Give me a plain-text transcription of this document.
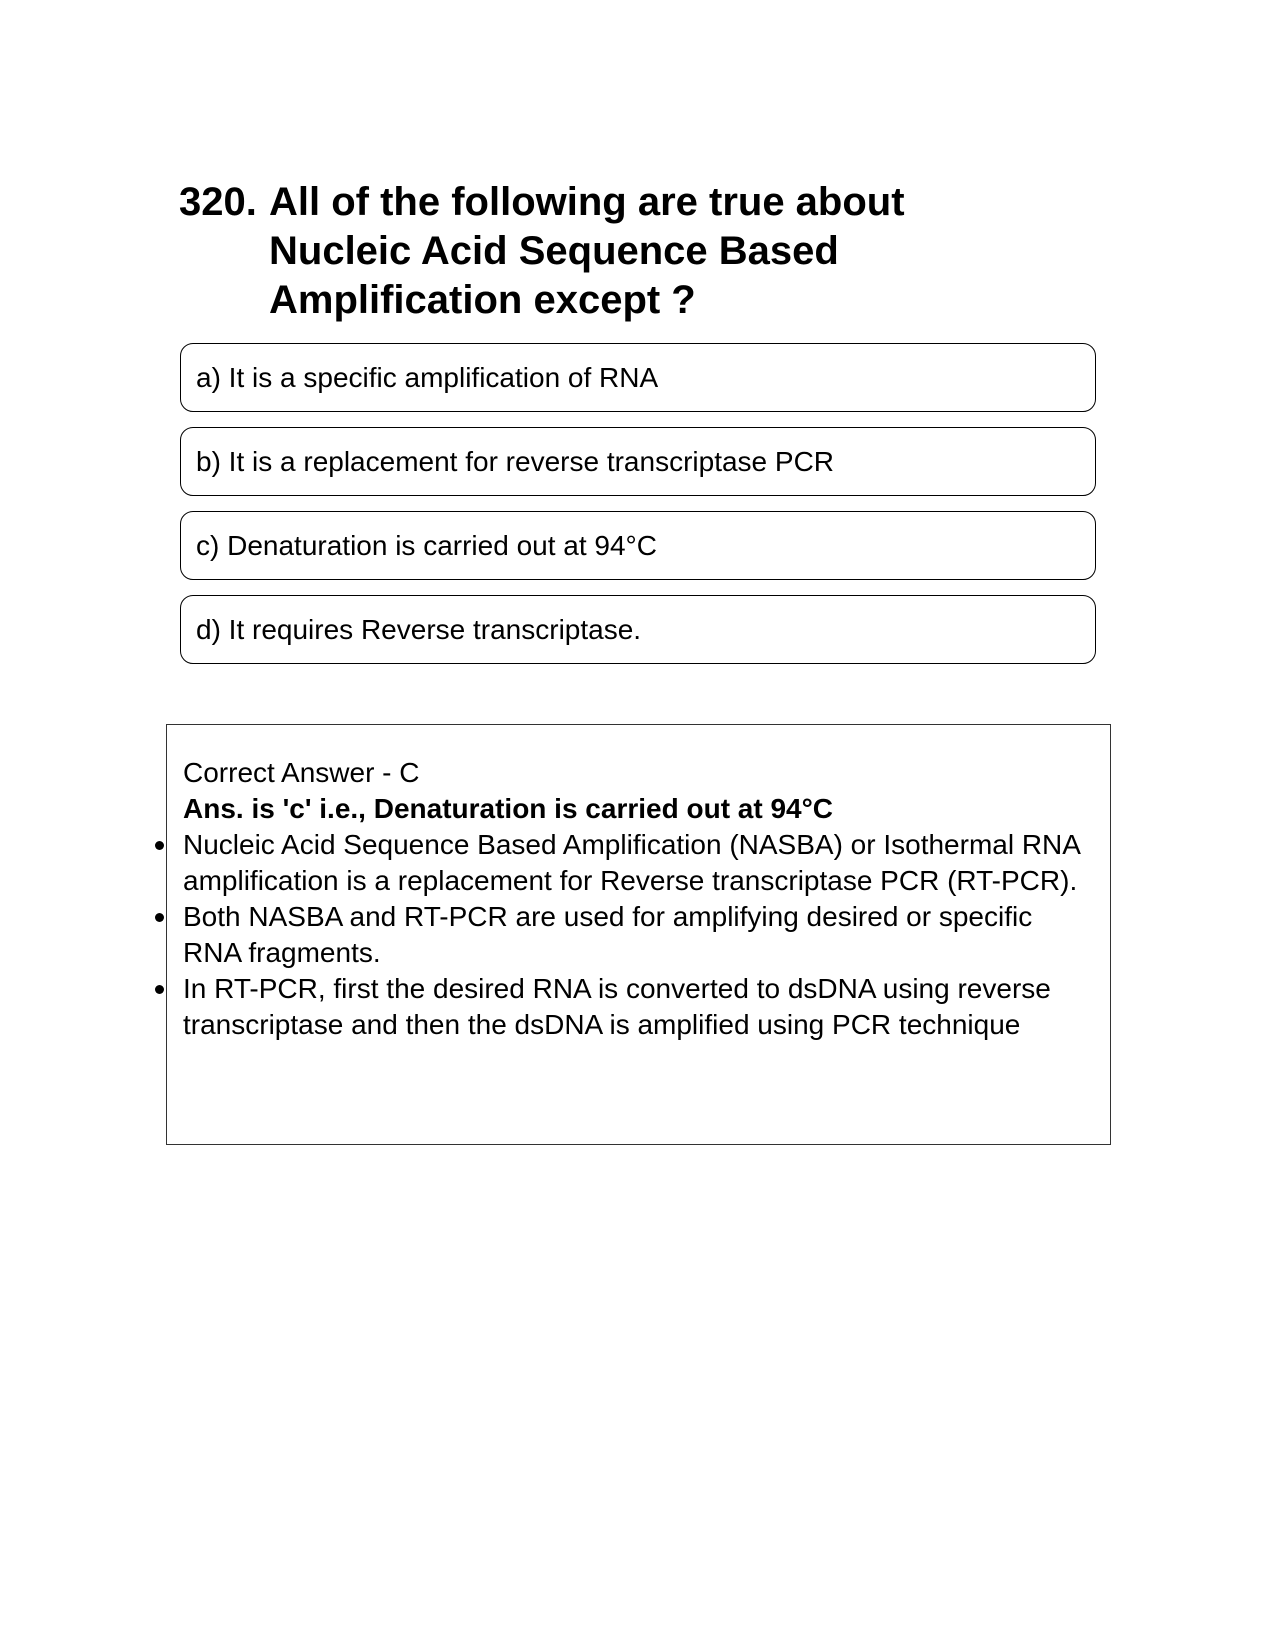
320. All of the following are true about Nucleic Acid Sequence Based Amplification except ?
a) It is a specific amplification of RNA
b) It is a replacement for reverse transcriptase PCR
c) Denaturation is carried out at 94°C
d) It requires Reverse transcriptase.
Correct Answer - C
Ans. is 'c' i.e., Denaturation is carried out at 94°C
Nucleic Acid Sequence Based Amplification (NASBA) or Isothermal RNA amplification is a replacement for Reverse transcriptase PCR (RT-PCR).
Both NASBA and RT-PCR are used for amplifying desired or specific RNA fragments.
In RT-PCR, first the desired RNA is converted to dsDNA using reverse transcriptase and then the dsDNA is amplified using PCR technique
